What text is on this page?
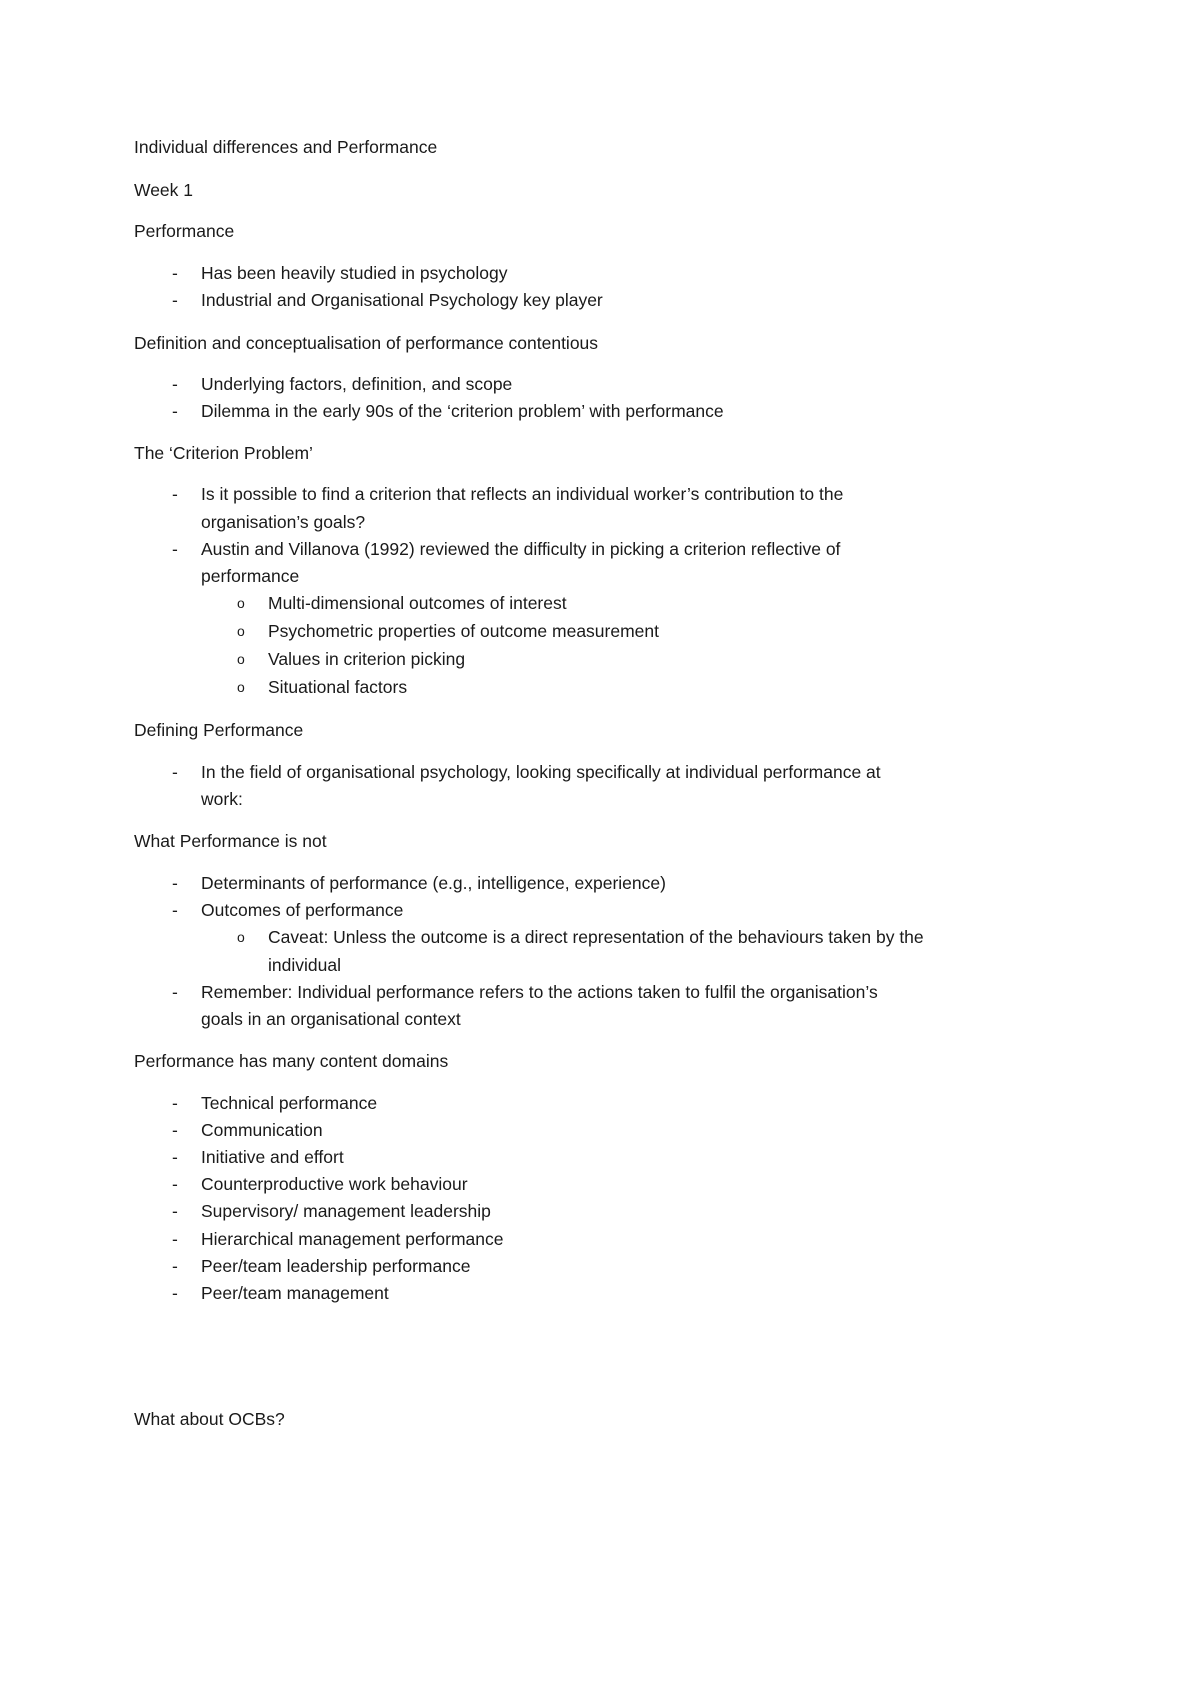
Individual differences and Performance
Week 1
Performance
- Has been heavily studied in psychology
- Industrial and Organisational Psychology key player
Definition and conceptualisation of performance contentious
- Underlying factors, definition, and scope
- Dilemma in the early 90s of the ‘criterion problem’ with performance
The ‘Criterion Problem’
- Is it possible to find a criterion that reflects an individual worker’s contribution to the
organisation’s goals?
- Austin and Villanova (1992) reviewed the difficulty in picking a criterion reflective of
performance
o Multi-dimensional outcomes of interest
o Psychometric properties of outcome measurement
o Values in criterion picking
o Situational factors
Defining Performance
- In the field of organisational psychology, looking specifically at individual performance at
work:
What Performance is not
- Determinants of performance (e.g., intelligence, experience)
- Outcomes of performance
o Caveat: Unless the outcome is a direct representation of the behaviours taken by the
individual
- Remember: Individual performance refers to the actions taken to fulfil the organisation’s
goals in an organisational context
Performance has many content domains
- Technical performance
- Communication
- Initiative and effort
- Counterproductive work behaviour
- Supervisory/ management leadership
- Hierarchical management performance
- Peer/team leadership performance
- Peer/team management
What about OCBs?
